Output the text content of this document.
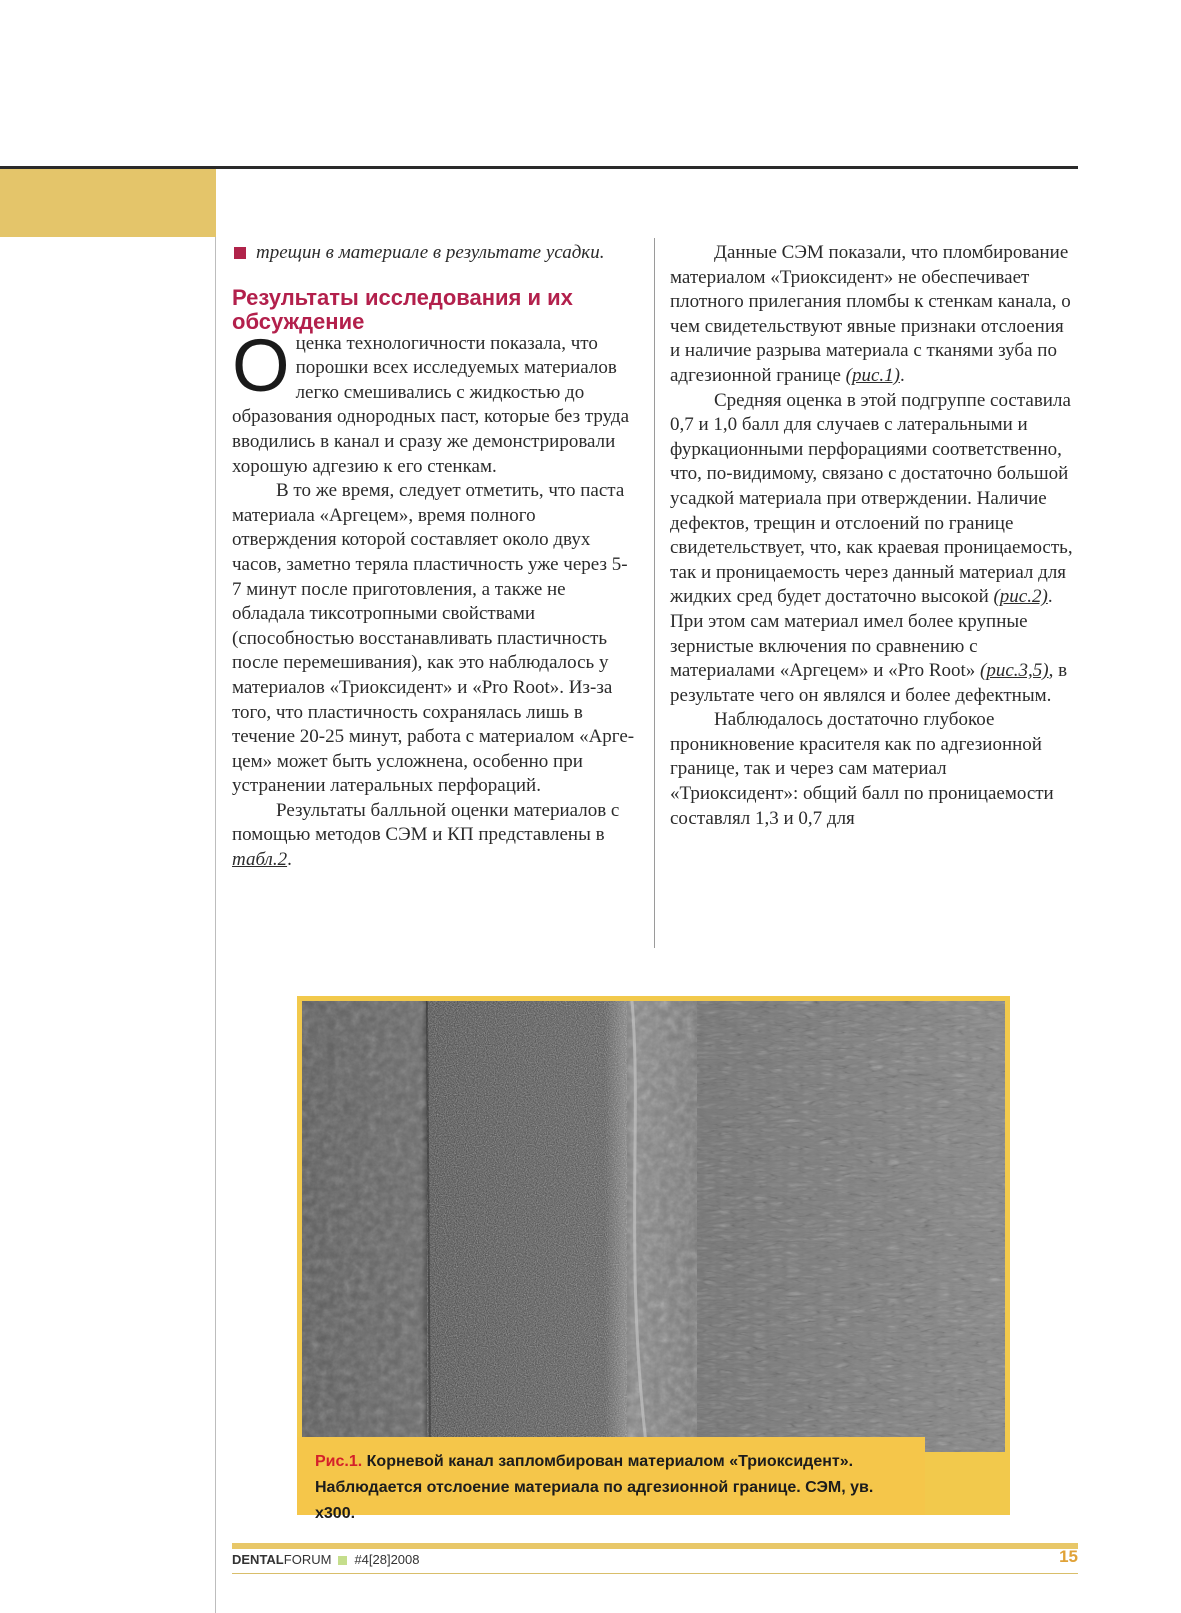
трещин в материале в результате усадки.
Результаты исследования и их обсуждение

Оценка технологичности показала, что порошки всех исследуемых материалов легко смешивались с жидкостью до образования однородных паст, которые без труда вводились в канал и сразу же демонстрировали хорошую адгезию к его стенкам.

В то же время, следует отметить, что паста материала «Аргецем», время полного отверждения которой составляет около двух часов, заметно теряла пластичность уже через 5-7 минут после приготовления, а также не обладала тиксотропными свойствами (способностью восстанавливать пластичность после перемешивания), как это наблюдалось у материалов «Триоксидент» и «Pro Root». Из-за того, что пластичность сохранялась лишь в течение 20-25 минут, работа с материалом «Арге-цем» может быть усложнена, особенно при устранении латеральных перфораций.

Результаты балльной оценки материалов с помощью методов СЭМ и КП представлены в табл.2.

Данные СЭМ показали, что пломбирование материалом «Триоксидент» не обеспечивает плотного прилегания пломбы к стенкам канала, о чем свидетельствуют явные признаки отслоения и наличие разрыва материала с тканями зуба по адгезионной границе (рис.1).

Средняя оценка в этой подгруппе составила 0,7 и 1,0 балл для случаев с латеральными и фуркационными перфорациями соответственно, что, по-видимому, связано с достаточно большой усадкой материала при отверждении. Наличие дефектов, трещин и отслоений по границе свидетельствует, что, как краевая проницаемость, так и проницаемость через данный материал для жидких сред будет достаточно высокой (рис.2). При этом сам материал имел более крупные зернистые включения по сравнению с материалами «Аргецем» и «Pro Root» (рис.3,5), в результате чего он являлся и более дефектным.

Наблюдалось достаточно глубокое проникновение красителя как по адгезионной границе, так и через сам материал «Триоксидент»: общий балл по проницаемости составлял 1,3 и 0,7 для

Рис.1. Корневой канал запломбирован материалом «Триоксидент».
Наблюдается отслоение материала по адгезионной границе. СЭМ, ув. х300.
DENTAL FORUM #4[28]2008	15
